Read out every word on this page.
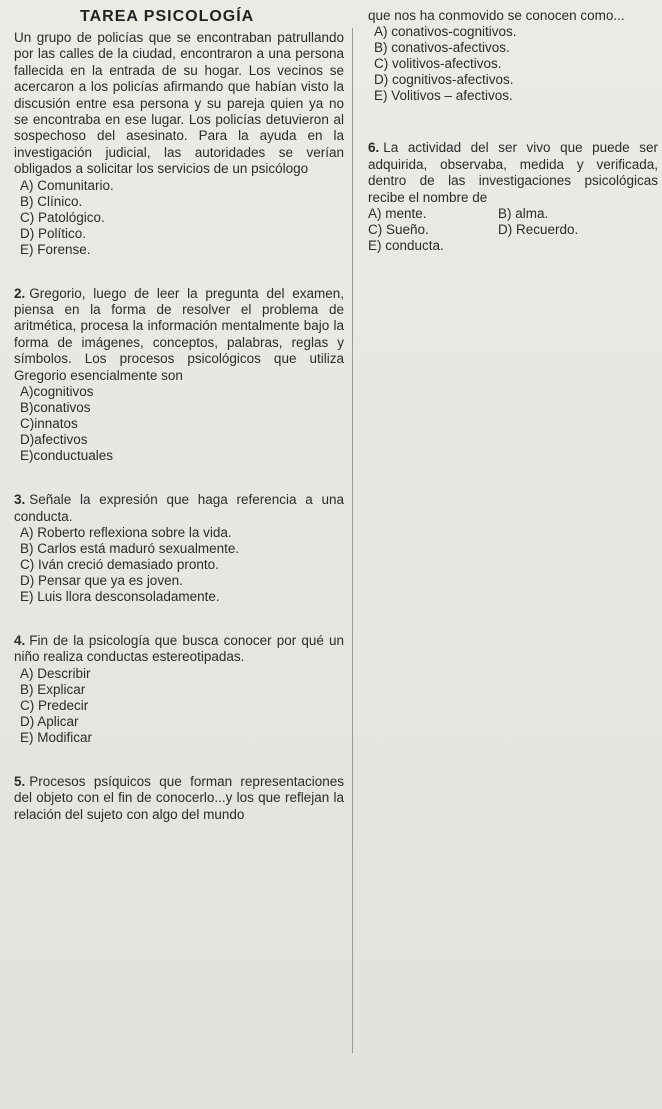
TAREA PSICOLOGÍA

Un grupo de policías que se encontraban patrullando por las calles de la ciudad, encontraron a una persona fallecida en la entrada de su hogar. Los vecinos se acercaron a los policías afirmando que habían visto la discusión entre esa persona y su pareja quien ya no se encontraba en ese lugar. Los policías detuvieron al sospechoso del asesinato. Para la ayuda en la investigación judicial, las autoridades se verían obligados a solicitar los servicios de un psicólogo

A) Comunitario.

B) Clínico.

C) Patológico.

D) Político.

E) Forense.

2. Gregorio, luego de leer la pregunta del examen, piensa en la forma de resolver el problema de aritmética, procesa la información mentalmente bajo la forma de imágenes, conceptos, palabras, reglas y símbolos. Los procesos psicológicos que utiliza Gregorio esencialmente son

A)cognitivos

B)conativos

C)innatos

D)afectivos

E)conductuales

3. Señale la expresión que haga referencia a una conducta.

A) Roberto reflexiona sobre la vida.

B) Carlos está maduró sexualmente.

C) Iván creció demasiado pronto.

D) Pensar que ya es joven.

E) Luis llora desconsoladamente.

4. Fin de la psicología que busca conocer por qué un niño realiza conductas estereotipadas.

A) Describir

B) Explicar

C) Predecir

D) Aplicar

E) Modificar

5. Procesos psíquicos que forman representaciones del objeto con el fin de conocerlo...y los que reflejan la relación del sujeto con algo del mundo

que nos ha conmovido se conocen como...

A) conativos-cognitivos.

B) conativos-afectivos.

C) volitivos-afectivos.

D) cognitivos-afectivos.

E) Volitivos – afectivos.

6. La actividad del ser vivo que puede ser adquirida, observaba, medida y verificada, dentro de las investigaciones psicológicas recibe el nombre de

A) mente.	B) alma.
C) Sueño.	D) Recuerdo.
E) conducta.
